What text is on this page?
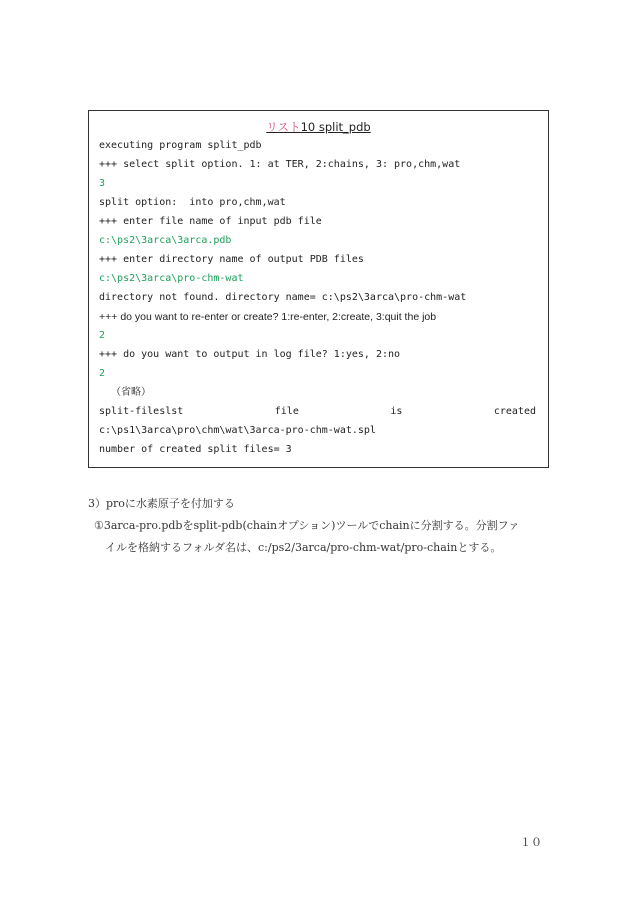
リスト10 split_pdb
executing program split_pdb
+++ select split option. 1: at TER, 2:chains, 3: pro,chm,wat
3
split option:  into pro,chm,wat
+++ enter file name of input pdb file
c:\ps2\3arca\3arca.pdb
+++ enter directory name of output PDB files
c:\ps2\3arca\pro-chm-wat
directory not found. directory name= c:\ps2\3arca\pro-chm-wat
+++ do you want to re-enter or create? 1:re-enter, 2:create, 3:quit the job
2
+++ do you want to output in log file? 1:yes, 2:no
2
（省略）
split-fileslst	file	is	created
c:\ps1\3arca\pro\chm\wat\3arca-pro-chm-wat.spl
number of created split files= 3
3）proに水素原子を付加する
①3arca-pro.pdbをsplit-pdb(chainオプション)ツールでchainに分割する。分割ファ
イルを格納するフォルダ名は、c:/ps2/3arca/pro-chm-wat/pro-chainとする。
１０
